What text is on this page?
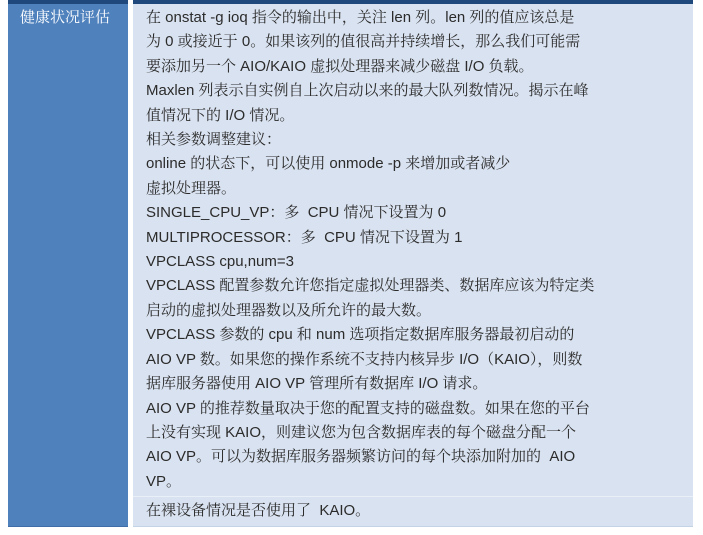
健康状况评估	在 onstat -g ioq 指令的输出中，关注 len 列。len 列的值应该总是
为 0 或接近于 0。如果该列的值很高并持续增长，那么我们可能需
要添加另一个 AIO/KAIO 虚拟处理器来减少磁盘 I/O 负载。
Maxlen 列表示自实例自上次启动以来的最大队列数情况。揭示在峰
值情况下的 I/O 情况。
相关参数调整建议：
online 的状态下，可以使用 onmode -p 来增加或者减少
虚拟处理器。
SINGLE_CPU_VP：多  CPU 情况下设置为 0
MULTIPROCESSOR：多  CPU 情况下设置为 1
VPCLASS cpu,num=3
VPCLASS 配置参数允许您指定虚拟处理器类、数据库应该为特定类
启动的虚拟处理器数以及所允许的最大数。
VPCLASS 参数的 cpu 和 num 选项指定数据库服务器最初启动的
AIO VP 数。如果您的操作系统不支持内核异步 I/O（KAIO），则数
据库服务器使用 AIO VP 管理所有数据库 I/O 请求。
AIO VP 的推荐数量取决于您的配置支持的磁盘数。如果在您的平台
上没有实现 KAIO，则建议您为包含数据库表的每个磁盘分配一个
AIO VP。可以为数据库服务器频繁访问的每个块添加附加的  AIO
VP。
在裸设备情况是否使用了  KAIO。
